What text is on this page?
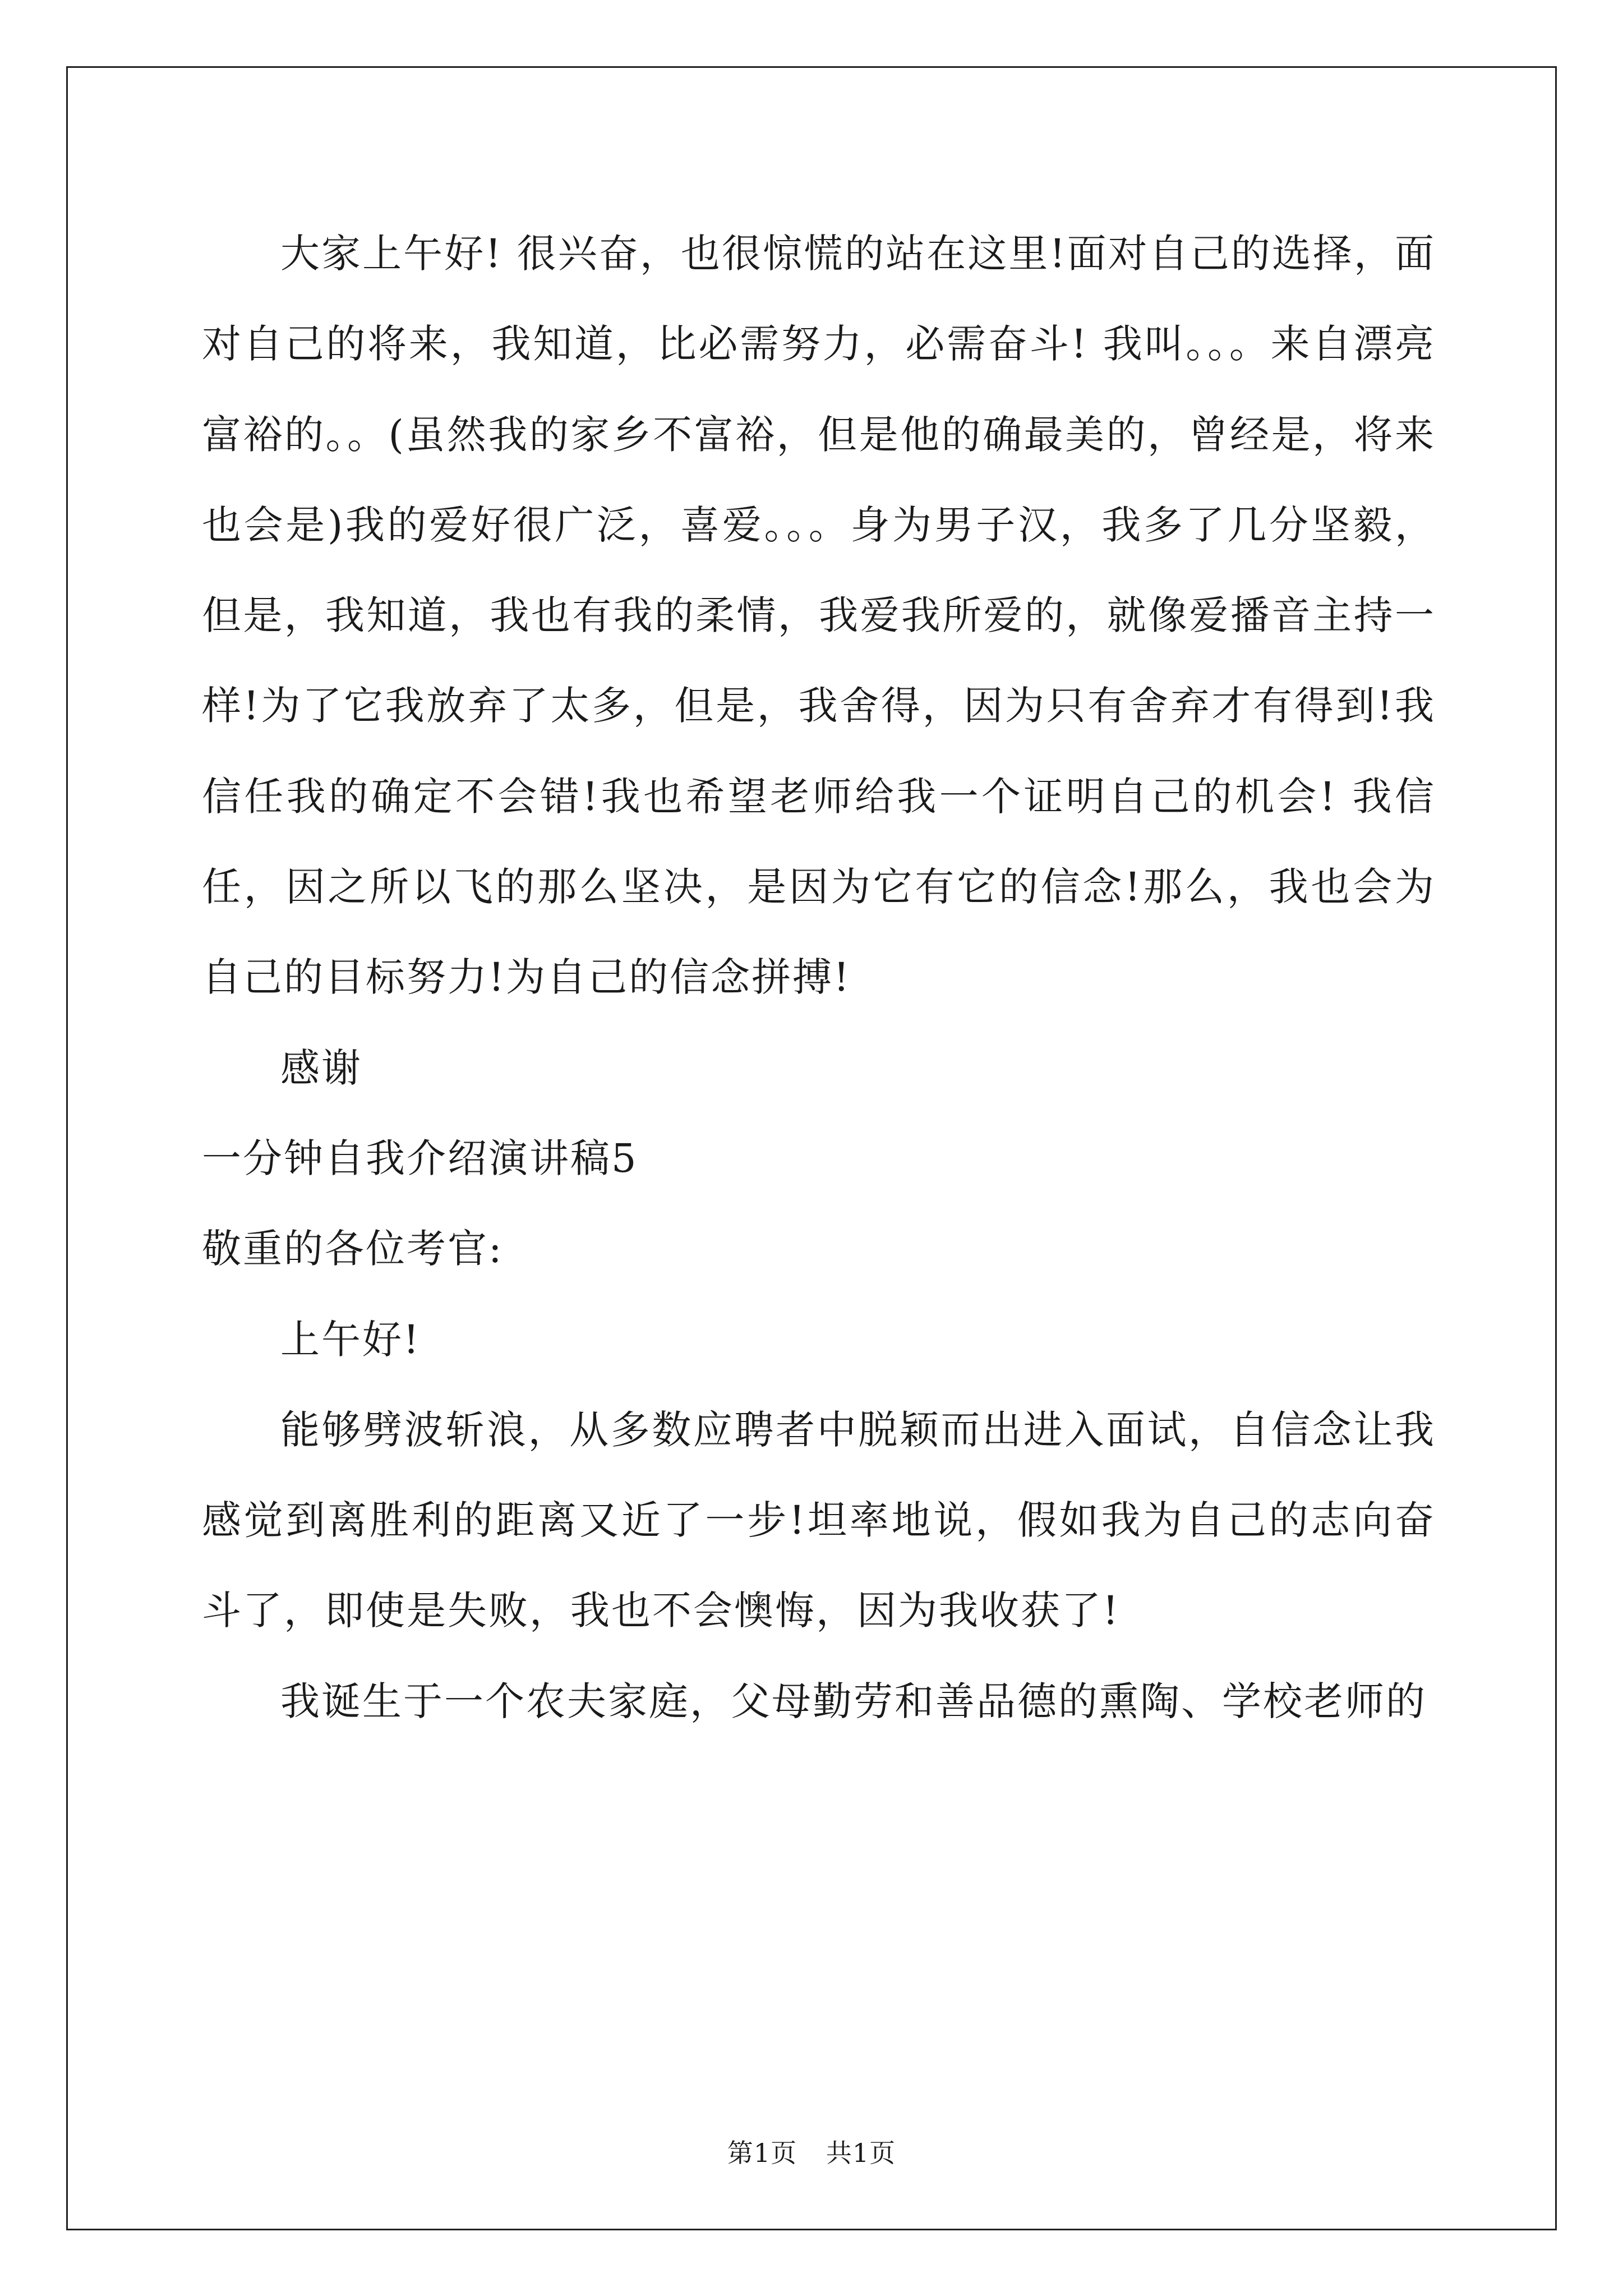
大家上午好! 很兴奋，也很惊慌的站在这里!面对自己的选择，面对自己的将来，我知道，比必需努力，必需奋斗! 我叫。。。来自漂亮富裕的。。(虽然我的家乡不富裕，但是他的确最美的，曾经是，将来也会是)我的爱好很广泛，喜爱。。。身为男子汉，我多了几分坚毅，但是，我知道，我也有我的柔情，我爱我所爱的，就像爱播音主持一样!为了它我放弃了太多，但是，我舍得，因为只有舍弃才有得到!我信任我的确定不会错!我也希望老师给我一个证明自己的机会! 我信任，因之所以飞的那么坚决，是因为它有它的信念!那么，我也会为自己的目标努力!为自己的信念拼搏!

感谢

一分钟自我介绍演讲稿5

敬重的各位考官:

上午好!

能够劈波斩浪，从多数应聘者中脱颖而出进入面试，自信念让我感觉到离胜利的距离又近了一步!坦率地说，假如我为自己的志向奋斗了，即使是失败，我也不会懊悔，因为我收获了!

我诞生于一个农夫家庭，父母勤劳和善品德的熏陶、学校老师的

第1页 共1页
